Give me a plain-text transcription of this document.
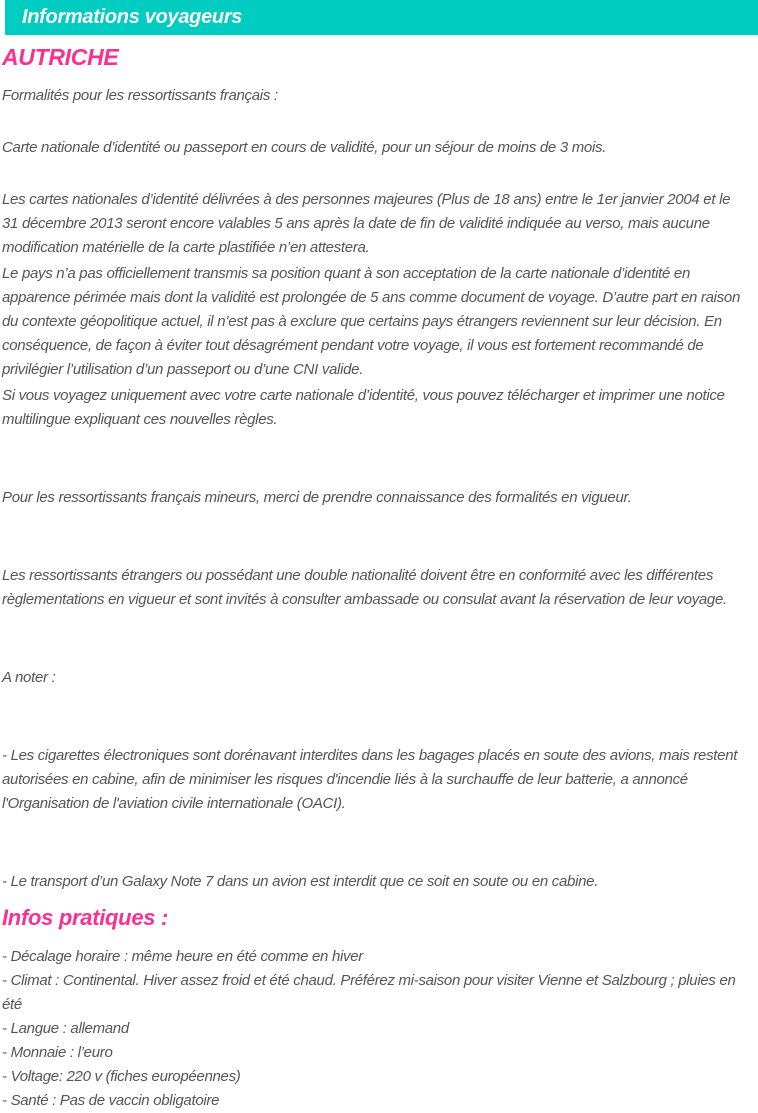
Informations voyageurs
AUTRICHE

Formalités pour les ressortissants français :

Carte nationale d’identité ou passeport en cours de validité, pour un séjour de moins de 3 mois.

Les cartes nationales d’identité délivrées à des personnes majeures (Plus de 18 ans) entre le 1er janvier 2004 et le 31 décembre 2013 seront encore valables 5 ans après la date de fin de validité indiquée au verso, mais aucune modification matérielle de la carte plastifiée n’en attestera.

Le pays n’a pas officiellement transmis sa position quant à son acceptation de la carte nationale d’identité en apparence périmée mais dont la validité est prolongée de 5 ans comme document de voyage. D’autre part en raison du contexte géopolitique actuel, il n’est pas à exclure que certains pays étrangers reviennent sur leur décision. En conséquence, de façon à éviter tout désagrément pendant votre voyage, il vous est fortement recommandé de privilégier l’utilisation d’un passeport ou d’une CNI valide.

Si vous voyagez uniquement avec votre carte nationale d’identité, vous pouvez télécharger et imprimer une notice multilingue expliquant ces nouvelles règles.

Pour les ressortissants français mineurs, merci de prendre connaissance des formalités en vigueur.

Les ressortissants étrangers ou possédant une double nationalité doivent être en conformité avec les différentes règlementations en vigueur et sont invités à consulter ambassade ou consulat avant la réservation de leur voyage.

A noter :

- Les cigarettes électroniques sont dorénavant interdites dans les bagages placés en soute des avions, mais restent autorisées en cabine, afin de minimiser les risques d'incendie liés à la surchauffe de leur batterie, a annoncé l'Organisation de l'aviation civile internationale (OACI).

- Le transport d’un Galaxy Note 7 dans un avion est interdit que ce soit en soute ou en cabine.

Infos pratiques :

- Décalage horaire : même heure en été comme en hiver

- Climat : Continental. Hiver assez froid et été chaud. Préférez mi-saison pour visiter Vienne et Salzbourg ; pluies en été

- Langue : allemand

- Monnaie : l’euro

- Voltage: 220 v (fiches européennes)

- Santé : Pas de vaccin obligatoire
